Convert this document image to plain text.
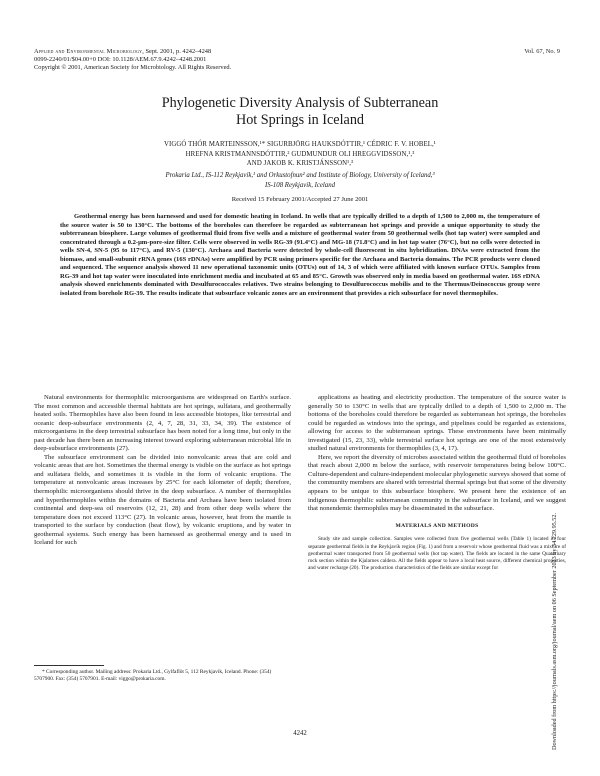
Applied and Environmental Microbiology, Sept. 2001, p. 4242–4248
0099-2240/01/$04.00+0 DOI: 10.1128/AEM.67.9.4242–4248.2001
Copyright © 2001, American Society for Microbiology. All Rights Reserved.
Vol. 67, No. 9
Phylogenetic Diversity Analysis of Subterranean
Hot Springs in Iceland
VIGGÓ THÓR MARTEINSSON,¹* SIGURBJÖRG HAUKSDÓTTIR,¹ CÉDRIC F. V. HOBEL,¹
HREFNA KRISTMANNSDÓTTIR,² GUDMUNDUR OLI HREGGVIDSSON,¹,³
AND JAKOB K. KRISTJÁNSSON¹,³
Prokaria Ltd., IS-112 Reykjavík,¹ and Orkustofnun² and Institute of Biology, University of Iceland,³
IS-108 Reykjavík, Iceland
Received 15 February 2001/Accepted 27 June 2001
Geothermal energy has been harnessed and used for domestic heating in Iceland. In wells that are typically drilled to a depth of 1,500 to 2,000 m, the temperature of the source water is 50 to 130°C. The bottoms of the boreholes can therefore be regarded as subterranean hot springs and provide a unique opportunity to study the subterranean biosphere. Large volumes of geothermal fluid from five wells and a mixture of geothermal water from 50 geothermal wells (hot tap water) were sampled and concentrated through a 0.2-μm-pore-size filter. Cells were observed in wells RG-39 (91.4°C) and MG-18 (71.8°C) and in hot tap water (76°C), but no cells were detected in wells SN-4, SN-5 (95 to 117°C), and RV-5 (130°C). Archaea and Bacteria were detected by whole-cell fluorescent in situ hybridization. DNAs were extracted from the biomass, and small-subunit rRNA genes (16S rDNAs) were amplified by PCR using primers specific for the Archaea and Bacteria domains. The PCR products were cloned and sequenced. The sequence analysis showed 11 new operational taxonomic units (OTUs) out of 14, 3 of which were affiliated with known surface OTUs. Samples from RG-39 and hot tap water were inoculated into enrichment media and incubated at 65 and 85°C. Growth was observed only in media based on geothermal water. 16S rDNA analysis showed enrichments dominated with Desulfurococcales relatives. Two strains belonging to Desulfurococcus mobilis and to the Thermus/Deinococcus group were isolated from borehole RG-39. The results indicate that subsurface volcanic zones are an environment that provides a rich subsurface for novel thermophiles.

Natural environments for thermophilic microorganisms are widespread on Earth's surface. The most common and accessible thermal habitats are hot springs, sulfatara, and geothermally heated soils. Thermophiles have also been found in less accessible biotopes, like terrestrial and oceanic deep-subsurface environments (2, 4, 7, 28, 31, 33, 34, 39). The existence of microorganisms in the deep terrestrial subsurface has been noted for a long time, but only in the past decade has there been an increasing interest toward exploring subterranean microbial life in deep-subsurface environments (27).

The subsurface environment can be divided into nonvolcanic areas that are cold and volcanic areas that are hot. Sometimes the thermal energy is visible on the surface as hot springs and sulfatara fields, and sometimes it is visible in the form of volcanic eruptions. The temperature at nonvolcanic areas increases by 25°C for each kilometer of depth; therefore, thermophilic microorganisms should thrive in the deep subsurface. A number of thermophiles and hyperthermophiles within the domains of Bacteria and Archaea have been isolated from continental and deep-sea oil reservoirs (12, 21, 28) and from other deep wells where the temperature does not exceed 113°C (27). In volcanic areas, however, heat from the mantle is transported to the surface by conduction (heat flow), by volcanic eruptions, and by water in geothermal systems. Such energy has been harnessed as geothermal energy and is used in Iceland for such

applications as heating and electricity production. The temperature of the source water is generally 50 to 130°C in wells that are typically drilled to a depth of 1,500 to 2,000 m. The bottoms of the boreholes could therefore be regarded as subterranean hot springs, the boreholes could be regarded as windows into the springs, and pipelines could be regarded as extensions, allowing for access to the subterranean springs. These environments have been minimally investigated (15, 23, 33), while terrestrial surface hot springs are one of the most extensively studied natural environments for thermophiles (3, 4, 17).

Here, we report the diversity of microbes associated within the geothermal fluid of boreholes that reach about 2,000 m below the surface, with reservoir temperatures being below 100°C. Culture-dependent and culture-independent molecular phylogenetic surveys showed that some of the community members are shared with terrestrial thermal springs but that some of the diversity appears to be unique to this subsurface biosphere. We present here the existence of an indigenous thermophilic subterranean community in the subsurface in Iceland, and we suggest that nonendemic thermophiles may be disseminated in the subsurface.

MATERIALS AND METHODS

Study site and sample collection. Samples were collected from five geothermal wells (Table 1) located in four separate geothermal fields in the Reykjavík region (Fig. 1) and from a reservoir whose geothermal fluid was a mixture of geothermal water transported from 50 geothermal wells (hot tap water). The fields are located in the same Quaternary rock section within the Kjalarnes caldera. All the fields appear to have a local heat source, different chemical properties, and water recharge (20). The production characteristics of the fields are similar except for

* Corresponding author. Mailing address: Prokaria Ltd., Gylfaflöt 5, 112 Reykjavík, Iceland. Phone: (354) 5707900. Fax: (354) 5707901. E-mail: viggo@prokaria.com.
4242	Downloaded from https://journals.asm.org/journal/aem on 06 September 2023 by 34.229.95.52.
